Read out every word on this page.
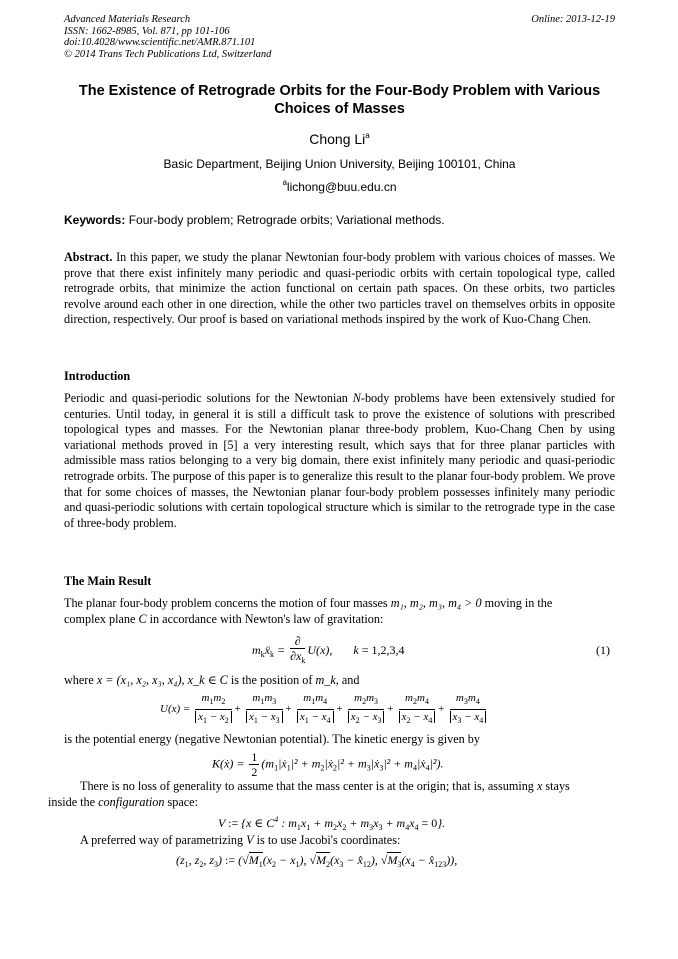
Advanced Materials Research
ISSN: 1662-8985, Vol. 871, pp 101-106
doi:10.4028/www.scientific.net/AMR.871.101
© 2014 Trans Tech Publications Ltd, Switzerland
Online: 2013-12-19
The Existence of Retrograde Orbits for the Four-Body Problem with Various Choices of Masses
Chong Li$^a$
Basic Department, Beijing Union University, Beijing 100101, China
$^a$lichong@buu.edu.cn
Keywords: Four-body problem; Retrograde orbits; Variational methods.
Abstract. In this paper, we study the planar Newtonian four-body problem with various choices of masses. We prove that there exist infinitely many periodic and quasi-periodic orbits with certain topological type, called retrograde orbits, that minimize the action functional on certain path spaces. On these orbits, two particles revolve around each other in one direction, while the other two particles travel on themselves orbits in opposite direction, respectively. Our proof is based on variational methods inspired by the work of Kuo-Chang Chen.
Introduction
Periodic and quasi-periodic solutions for the Newtonian N-body problems have been extensively studied for centuries. Until today, in general it is still a difficult task to prove the existence of solutions with prescribed topological types and masses. For the Newtonian planar three-body problem, Kuo-Chang Chen by using variational methods proved in [5] a very interesting result, which says that for three planar particles with admissible mass ratios belonging to a very big domain, there exist infinitely many periodic and quasi-periodic retrograde orbits. The purpose of this paper is to generalize this result to the planar four-body problem. We prove that for some choices of masses, the Newtonian planar four-body problem possesses infinitely many periodic and quasi-periodic solutions with certain topological structure which is similar to the retrograde type in the case of three-body problem.
The Main Result
The planar four-body problem concerns the motion of four masses m₁, m₂, m₃, m₄ > 0 moving in the
complex plane C in accordance with Newton's law of gravitation:
$m_kẍ_k = \frac{\partial}{\partial x_k} U(x)$, k = 1,2,3,4	(1)
where x = (x₁, x₂, x₃, x₄), x_k ∈ C is the position of m_k, and
$U(x) = \frac{m_1m_2}{x_1 - x_2} + \frac{m_1m_3}{x_1 - x_3} + \frac{m_1m_4}{x_1 - x_4} + \frac{m_2m_3}{x_2 - x_3} + \frac{m_2m_4}{x_2 - x_4} + \frac{m_3m_4}{x_3 - x_4}$
is the potential energy (negative Newtonian potential). The kinetic energy is given by
K(ẋ) = $\frac{1}{2}$ ($m_1|ẋ_1|^2$ + $m_2|ẋ_2|^2$ + $m_3|ẋ_3|^2$ + $m_4|ẋ_4|^2$).
There is no loss of generality to assume that the mass center is at the origin; that is, assuming x stays
inside the configuration space:
V := {x ∈ $C^4$ : $m_1x_1 + m_2x_2 + m_3x_3 + m_4x_4 = 0$}.
A preferred way of parametrizing V is to use Jacobi's coordinates:
($z_1$, $z_2$, $z_3$) := ($√M_1(x_2 - x_1)$, $√M_2(x_3$ − $x̂_{12}$), $√M_3(x_4$ − $x̂_{123}$)),
